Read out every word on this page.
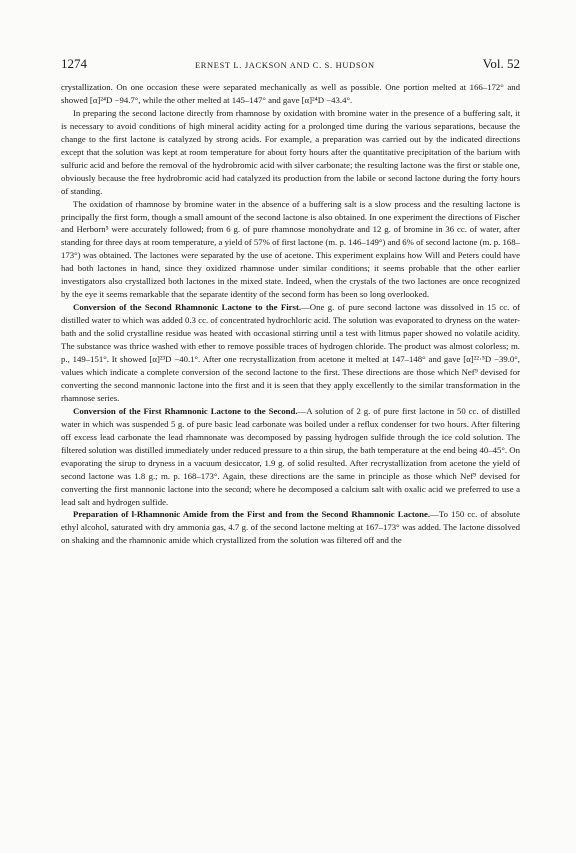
1274	ERNEST L. JACKSON AND C. S. HUDSON	Vol. 52

crystallization. On one occasion these were separated mechanically as well as possible. One portion melted at 166–172° and showed [α]²⁴D −94.7°, while the other melted at 145–147° and gave [α]²⁴D −43.4°.

In preparing the second lactone directly from rhamnose by oxidation with bromine water in the presence of a buffering salt, it is necessary to avoid conditions of high mineral acidity acting for a prolonged time during the various separations, because the change to the first lactone is catalyzed by strong acids. For example, a preparation was carried out by the indicated directions except that the solution was kept at room temperature for about forty hours after the quantitative precipitation of the barium with sulfuric acid and before the removal of the hydrobromic acid with silver carbonate; the resulting lactone was the first or stable one, obviously because the free hydrobromic acid had catalyzed its production from the labile or second lactone during the forty hours of standing.

The oxidation of rhamnose by bromine water in the absence of a buffering salt is a slow process and the resulting lactone is principally the first form, though a small amount of the second lactone is also obtained. In one experiment the directions of Fischer and Herborn⁵ were accurately followed; from 6 g. of pure rhamnose monohydrate and 12 g. of bromine in 36 cc. of water, after standing for three days at room temperature, a yield of 57% of first lactone (m. p. 146–149°) and 6% of second lactone (m. p. 168–173°) was obtained. The lactones were separated by the use of acetone. This experiment explains how Will and Peters could have had both lactones in hand, since they oxidized rhamnose under similar conditions; it seems probable that the other earlier investigators also crystallized both lactones in the mixed state. Indeed, when the crystals of the two lactones are once recognized by the eye it seems remarkable that the separate identity of the second form has been so long overlooked.

Conversion of the Second Rhamnonic Lactone to the First.—One g. of pure second lactone was dissolved in 15 cc. of distilled water to which was added 0.3 cc. of concentrated hydrochloric acid. The solution was evaporated to dryness on the water-bath and the solid crystalline residue was heated with occasional stirring until a test with litmus paper showed no volatile acidity. The substance was thrice washed with ether to remove possible traces of hydrogen chloride. The product was almost colorless; m. p., 149–151°. It showed [α]²³D −40.1°. After one recrystallization from acetone it melted at 147–148° and gave [α]²²·⁵D −39.0°, values which indicate a complete conversion of the second lactone to the first. These directions are those which Nef⁹ devised for converting the second mannonic lactone into the first and it is seen that they apply excellently to the similar transformation in the rhamnose series.

Conversion of the First Rhamnonic Lactone to the Second.—A solution of 2 g. of pure first lactone in 50 cc. of distilled water in which was suspended 5 g. of pure basic lead carbonate was boiled under a reflux condenser for two hours. After filtering off excess lead carbonate the lead rhamnonate was decomposed by passing hydrogen sulfide through the ice cold solution. The filtered solution was distilled immediately under reduced pressure to a thin sirup, the bath temperature at the end being 40–45°. On evaporating the sirup to dryness in a vacuum desiccator, 1.9 g. of solid resulted. After recrystallization from acetone the yield of second lactone was 1.8 g.; m. p. 168–173°. Again, these directions are the same in principle as those which Nef⁹ devised for converting the first mannonic lactone into the second; where he decomposed a calcium salt with oxalic acid we preferred to use a lead salt and hydrogen sulfide.

Preparation of l-Rhamnonic Amide from the First and from the Second Rhamnonic Lactone.—To 150 cc. of absolute ethyl alcohol, saturated with dry ammonia gas, 4.7 g. of the second lactone melting at 167–173° was added. The lactone dissolved on shaking and the rhamnonic amide which crystallized from the solution was filtered off and the
